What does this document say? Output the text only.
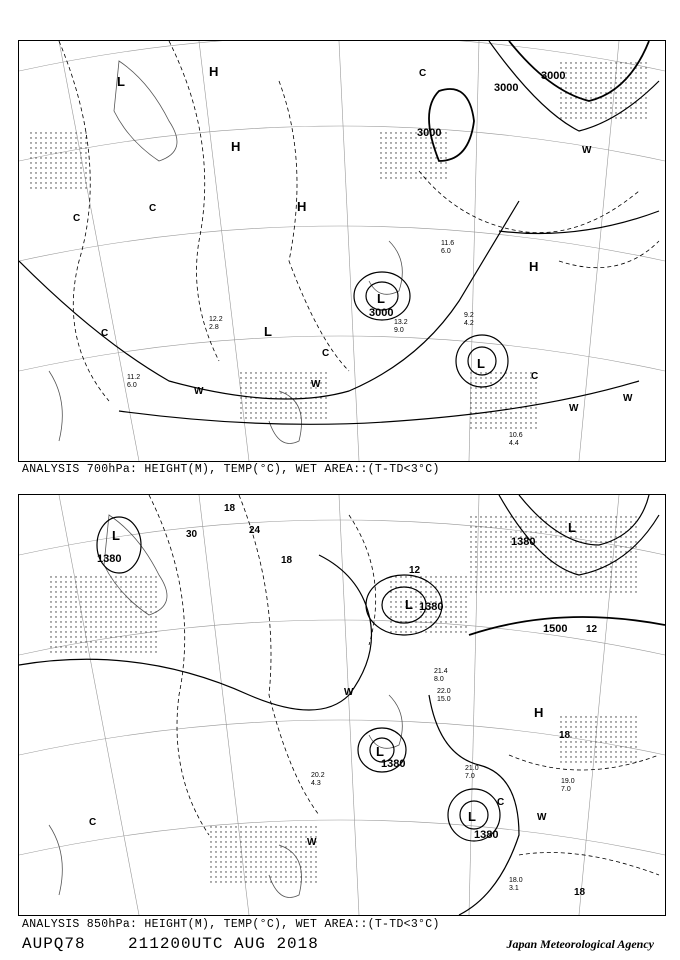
3000
3000
3000
3000
H
H
H
H
L
L
L
L
C
C
C
C
C
C
W
W
W
W
W
13.2
9.0
11.6
6.0
9.2
4.2
10.6
4.4
11.2
6.0
12.2
2.8
ANALYSIS 700hPa: HEIGHT(M), TEMP(°C), WET AREA::(T-TD<3°C)
1380
1380
1380
1380
1380
1500
H
L
L
L
L
L
30	24
18
18
12
12
18
18
C
C
W
W
W
21.4
8.0
22.0
15.0
18.0
3.1
19.0
7.0
20.2
4.3
21.0
7.0
ANALYSIS 850hPa: HEIGHT(M), TEMP(°C), WET AREA::(T-TD<3°C)
AUPQ78	211200UTC AUG 2018	Japan Meteorological Agency
